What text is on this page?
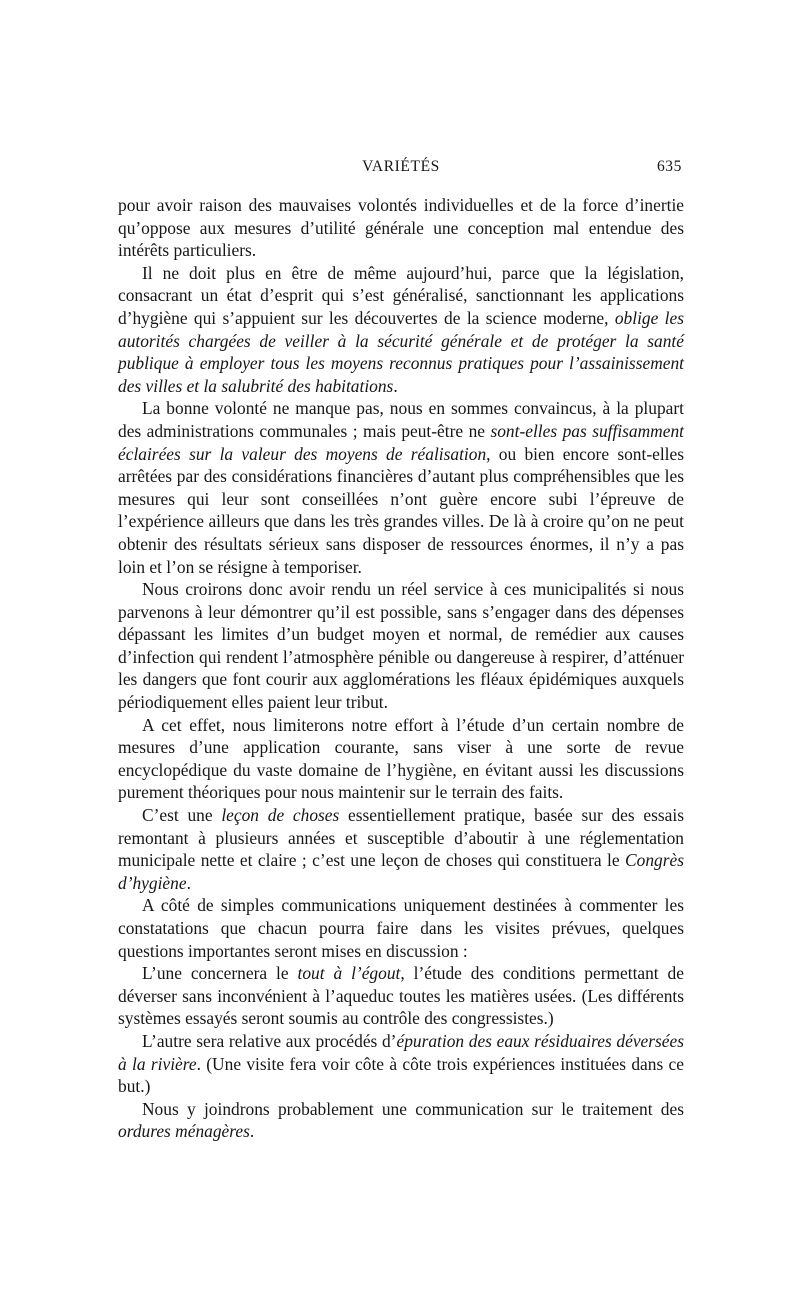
VARIÉTÉS	635

pour avoir raison des mauvaises volontés individuelles et de la force d’inertie qu’oppose aux mesures d’utilité générale une conception mal entendue des intérêts particuliers.

Il ne doit plus en être de même aujourd’hui, parce que la législation, consacrant un état d’esprit qui s’est généralisé, sanctionnant les applications d’hygiène qui s’appuient sur les découvertes de la science moderne, oblige les autorités chargées de veiller à la sécurité générale et de protéger la santé publique à employer tous les moyens reconnus pratiques pour l’assainissement des villes et la salubrité des habitations.

La bonne volonté ne manque pas, nous en sommes convaincus, à la plupart des administrations communales ; mais peut-être ne sont-elles pas suffisamment éclairées sur la valeur des moyens de réalisation, ou bien encore sont-elles arrêtées par des considérations financières d’autant plus compréhensibles que les mesures qui leur sont conseillées n’ont guère encore subi l’épreuve de l’expérience ailleurs que dans les très grandes villes. De là à croire qu’on ne peut obtenir des résultats sérieux sans disposer de ressources énormes, il n’y a pas loin et l’on se résigne à temporiser.

Nous croirons donc avoir rendu un réel service à ces municipalités si nous parvenons à leur démontrer qu’il est possible, sans s’engager dans des dépenses dépassant les limites d’un budget moyen et normal, de remédier aux causes d’infection qui rendent l’atmosphère pénible ou dangereuse à respirer, d’atténuer les dangers que font courir aux agglomérations les fléaux épidémiques auxquels périodiquement elles paient leur tribut.

A cet effet, nous limiterons notre effort à l’étude d’un certain nombre de mesures d’une application courante, sans viser à une sorte de revue encyclopédique du vaste domaine de l’hygiène, en évitant aussi les discussions purement théoriques pour nous maintenir sur le terrain des faits.

C’est une leçon de choses essentiellement pratique, basée sur des essais remontant à plusieurs années et susceptible d’aboutir à une réglementation municipale nette et claire ; c’est une leçon de choses qui constituera le Congrès d’hygiène.

A côté de simples communications uniquement destinées à commenter les constatations que chacun pourra faire dans les visites prévues, quelques questions importantes seront mises en discussion :

L’une concernera le tout à l’égout, l’étude des conditions permettant de déverser sans inconvénient à l’aqueduc toutes les matières usées. (Les différents systèmes essayés seront soumis au contrôle des congressistes.)

L’autre sera relative aux procédés d’épuration des eaux résiduaires déversées à la rivière. (Une visite fera voir côte à côte trois expériences instituées dans ce but.)

Nous y joindrons probablement une communication sur le traitement des ordures ménagères.
